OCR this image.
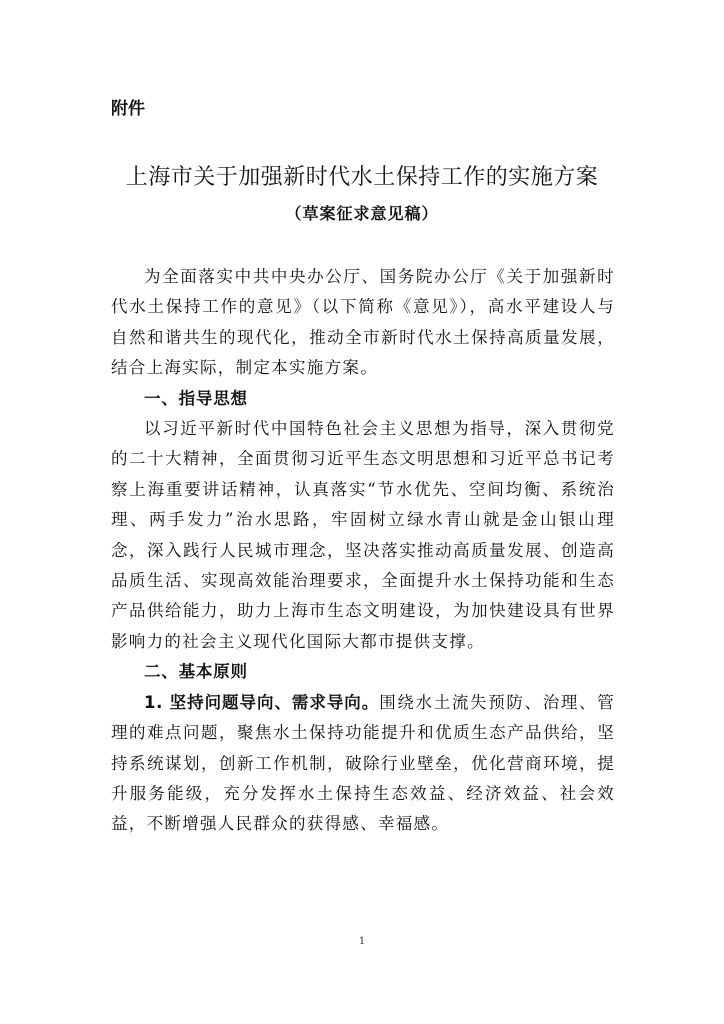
附件
上海市关于加强新时代水土保持工作的实施方案
（草案征求意见稿）

为全面落实中共中央办公厅、国务院办公厅《关于加强新时代水土保持工作的意见》（以下简称《意见》），高水平建设人与自然和谐共生的现代化，推动全市新时代水土保持高质量发展，结合上海实际，制定本实施方案。

一、指导思想

以习近平新时代中国特色社会主义思想为指导，深入贯彻党的二十大精神，全面贯彻习近平生态文明思想和习近平总书记考察上海重要讲话精神，认真落实“节水优先、空间均衡、系统治理、两手发力”治水思路，牢固树立绿水青山就是金山银山理念，深入践行人民城市理念，坚决落实推动高质量发展、创造高品质生活、实现高效能治理要求，全面提升水土保持功能和生态产品供给能力，助力上海市生态文明建设，为加快建设具有世界影响力的社会主义现代化国际大都市提供支撑。

二、基本原则

1. 坚持问题导向、需求导向。围绕水土流失预防、治理、管理的难点问题，聚焦水土保持功能提升和优质生态产品供给，坚持系统谋划，创新工作机制，破除行业壁垒，优化营商环境，提升服务能级，充分发挥水土保持生态效益、经济效益、社会效益，不断增强人民群众的获得感、幸福感。

1
